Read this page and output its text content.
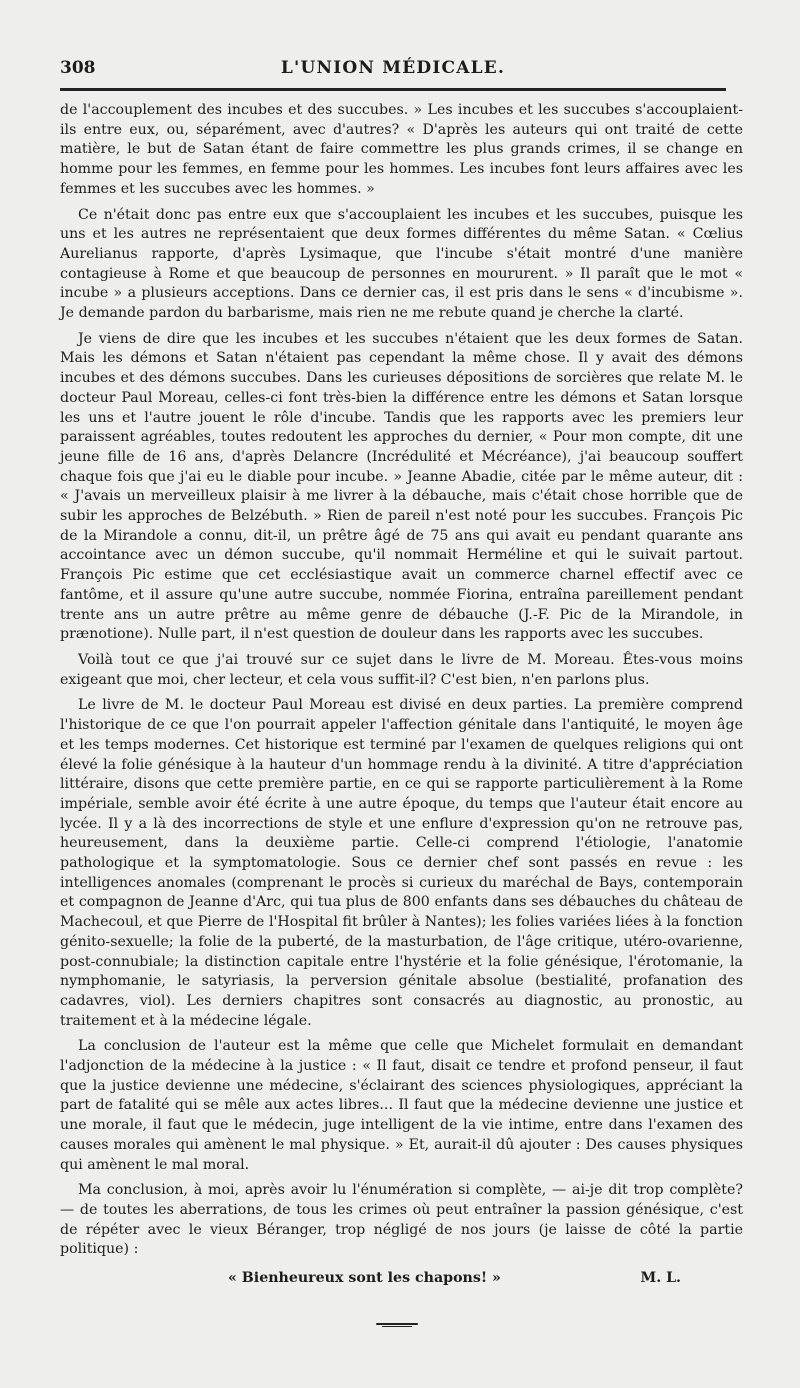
308	L'UNION MÉDICALE.

de l'accouplement des incubes et des succubes. » Les incubes et les succubes s'accouplaient-ils entre eux, ou, séparément, avec d'autres? « D'après les auteurs qui ont traité de cette matière, le but de Satan étant de faire commettre les plus grands crimes, il se change en homme pour les femmes, en femme pour les hommes. Les incubes font leurs affaires avec les femmes et les succubes avec les hommes. »

Ce n'était donc pas entre eux que s'accouplaient les incubes et les succubes, puisque les uns et les autres ne représentaient que deux formes différentes du même Satan. « Cœlius Aurelianus rapporte, d'après Lysimaque, que l'incube s'était montré d'une manière contagieuse à Rome et que beaucoup de personnes en moururent. » Il paraît que le mot « incube » a plusieurs acceptions. Dans ce dernier cas, il est pris dans le sens « d'incubisme ». Je demande pardon du barbarisme, mais rien ne me rebute quand je cherche la clarté.

Je viens de dire que les incubes et les succubes n'étaient que les deux formes de Satan. Mais les démons et Satan n'étaient pas cependant la même chose. Il y avait des démons incubes et des démons succubes. Dans les curieuses dépositions de sorcières que relate M. le docteur Paul Moreau, celles-ci font très-bien la différence entre les démons et Satan lorsque les uns et l'autre jouent le rôle d'incube. Tandis que les rapports avec les premiers leur paraissent agréables, toutes redoutent les approches du dernier, « Pour mon compte, dit une jeune fille de 16 ans, d'après Delancre (Incrédulité et Mécréance), j'ai beaucoup souffert chaque fois que j'ai eu le diable pour incube. » Jeanne Abadie, citée par le même auteur, dit : « J'avais un merveilleux plaisir à me livrer à la débauche, mais c'était chose horrible que de subir les approches de Belzébuth. » Rien de pareil n'est noté pour les succubes. François Pic de la Mirandole a connu, dit-il, un prêtre âgé de 75 ans qui avait eu pendant quarante ans accointance avec un démon succube, qu'il nommait Herméline et qui le suivait partout. François Pic estime que cet ecclésiastique avait un commerce charnel effectif avec ce fantôme, et il assure qu'une autre succube, nommée Fiorina, entraîna pareillement pendant trente ans un autre prêtre au même genre de débauche (J.-F. Pic de la Mirandole, in prænotione). Nulle part, il n'est question de douleur dans les rapports avec les succubes.

Voilà tout ce que j'ai trouvé sur ce sujet dans le livre de M. Moreau. Êtes-vous moins exigeant que moi, cher lecteur, et cela vous suffit-il? C'est bien, n'en parlons plus.

Le livre de M. le docteur Paul Moreau est divisé en deux parties. La première comprend l'historique de ce que l'on pourrait appeler l'affection génitale dans l'antiquité, le moyen âge et les temps modernes. Cet historique est terminé par l'examen de quelques religions qui ont élevé la folie génésique à la hauteur d'un hommage rendu à la divinité. A titre d'appréciation littéraire, disons que cette première partie, en ce qui se rapporte particulièrement à la Rome impériale, semble avoir été écrite à une autre époque, du temps que l'auteur était encore au lycée. Il y a là des incorrections de style et une enflure d'expression qu'on ne retrouve pas, heureusement, dans la deuxième partie. Celle-ci comprend l'étiologie, l'anatomie pathologique et la symptomatologie. Sous ce dernier chef sont passés en revue : les intelligences anomales (comprenant le procès si curieux du maréchal de Bays, contemporain et compagnon de Jeanne d'Arc, qui tua plus de 800 enfants dans ses débauches du château de Machecoul, et que Pierre de l'Hospital fit brûler à Nantes); les folies variées liées à la fonction génito-sexuelle; la folie de la puberté, de la masturbation, de l'âge critique, utéro-ovarienne, post-connubiale; la distinction capitale entre l'hystérie et la folie génésique, l'érotomanie, la nymphomanie, le satyriasis, la perversion génitale absolue (bestialité, profanation des cadavres, viol). Les derniers chapitres sont consacrés au diagnostic, au pronostic, au traitement et à la médecine légale.

La conclusion de l'auteur est la même que celle que Michelet formulait en demandant l'adjonction de la médecine à la justice : « Il faut, disait ce tendre et profond penseur, il faut que la justice devienne une médecine, s'éclairant des sciences physiologiques, appréciant la part de fatalité qui se mêle aux actes libres... Il faut que la médecine devienne une justice et une morale, il faut que le médecin, juge intelligent de la vie intime, entre dans l'examen des causes morales qui amènent le mal physique. » Et, aurait-il dû ajouter : Des causes physiques qui amènent le mal moral.

Ma conclusion, à moi, après avoir lu l'énumération si complète, — ai-je dit trop complète? — de toutes les aberrations, de tous les crimes où peut entraîner la passion génésique, c'est de répéter avec le vieux Béranger, trop négligé de nos jours (je laisse de côté la partie politique) :

« Bienheureux sont les chapons! »	M. L.
